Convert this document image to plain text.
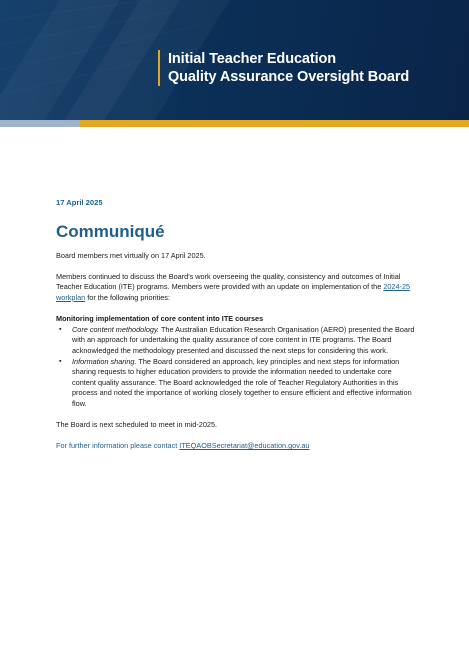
Initial Teacher Education
Quality Assurance Oversight Board
17 April 2025
Communiqué

Board members met virtually on 17 April 2025.

Members continued to discuss the Board's work overseeing the quality, consistency and outcomes of Initial Teacher Education (ITE) programs. Members were provided with an update on implementation of the 2024-25 workplan for the following priorities:

Monitoring implementation of core content into ITE courses
▪ Core content methodology. The Australian Education Research Organisation (AERO) presented the Board with an approach for undertaking the quality assurance of core content in ITE programs. The Board acknowledged the methodology presented and discussed the next steps for considering this work.
▪ Information sharing. The Board considered an approach, key principles and next steps for information sharing requests to higher education providers to provide the information needed to undertake core content quality assurance. The Board acknowledged the role of Teacher Regulatory Authorities in this process and noted the importance of working closely together to ensure efficient and effective information flow.

The Board is next scheduled to meet in mid-2025.

For further information please contact ITEQAOBSecretariat@education.gov.au
